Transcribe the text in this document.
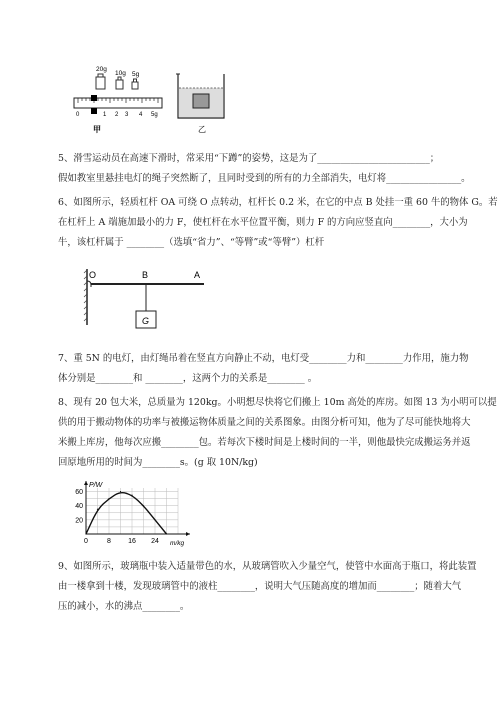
20g
10g 5g
0	1 2 3 4 5g
甲	乙
5、滑雪运动员在高速下滑时，常采用“下蹲”的姿势，这是为了________________________；
假如教室里悬挂电灯的绳子突然断了，且同时受到的所有的力全部消失，电灯将________________。
6、如图所示，轻质杠杆 OA 可绕 O 点转动，杠杆长 0.2 米，在它的中点 B 处挂一重 60 牛的物体 G。若
在杠杆上 A 端施加最小的力 F，使杠杆在水平位置平衡，则力 F 的方向应竖直向________，大小为
牛，该杠杆属于 ________（选填“省力”、“等臂”或“等臂”）杠杆
O	B	A
G
7、重 5N 的电灯，由灯绳吊着在竖直方向静止不动，电灯受________力和________力作用，施力物
体分别是________和 ________，这两个力的关系是________ 。
8、现有 20 包大米，总质量为 120kg。小明想尽快将它们搬上 10m 高处的库房。如图 13 为小明可以提
供的用于搬动物体的功率与被搬运物体质量之间的关系图象。由图分析可知，他为了尽可能快地将大
米搬上库房，他每次应搬________包。若每次下楼时间是上楼时间的一半，则他最快完成搬运务并返
回原地所用的时间为________s。(g 取 10N/kg)
P/W
m/kg
60
40
20
0	8 16 24
9、如图所示，玻璃瓶中装入适量带色的水，从玻璃管吹入少量空气，使管中水面高于瓶口，将此装置
由一楼拿到十楼，发现玻璃管中的液柱________，说明大气压随高度的增加而________；随着大气
压的减小，水的沸点________。
